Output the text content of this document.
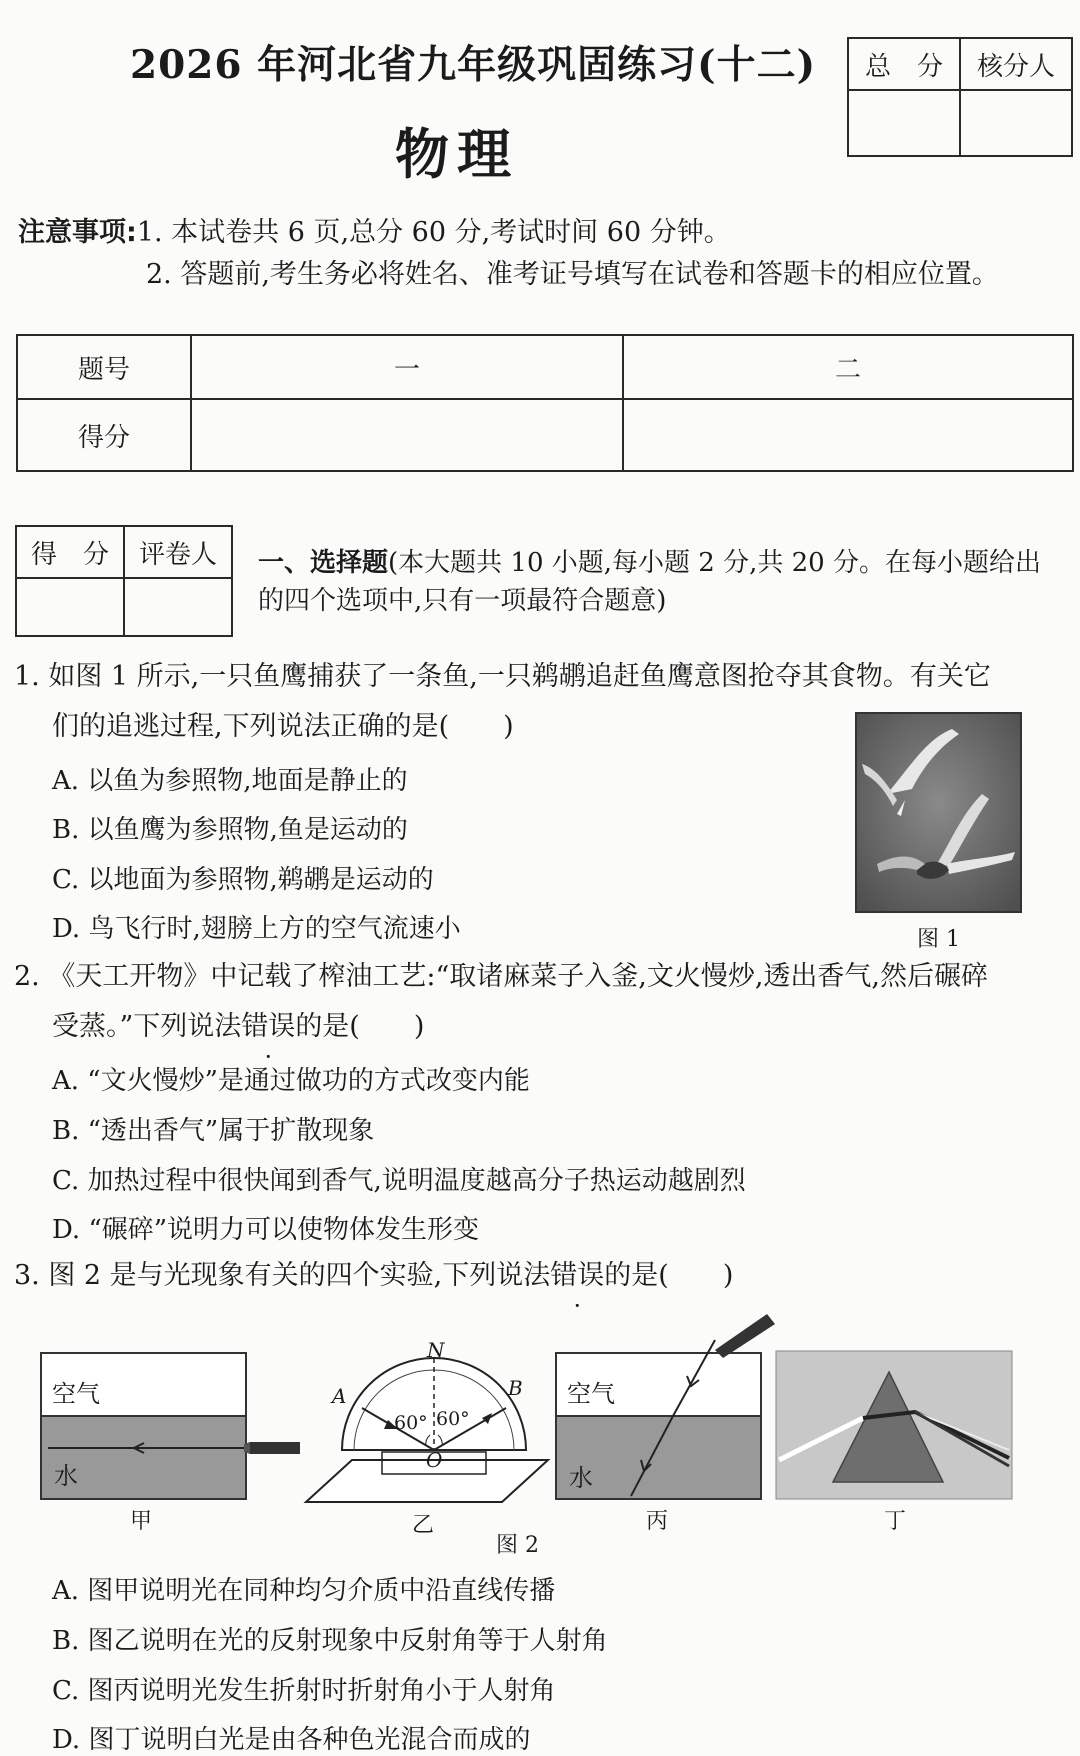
2026 年河北省九年级巩固练习(十二)
物理
总　分	核分人

注意事项:1. 本试卷共 6 页,总分 60 分,考试时间 60 分钟。
2. 答题前,考生务必将姓名、准考证号填写在试卷和答题卡的相应位置。
题号	一	二
得分		
得　分	评卷人
	一、选择题(本大题共 10 小题,每小题 2 分,共 20 分。在每小题给出的四个选项中,只有一项最符合题意)
1. 如图 1 所示,一只鱼鹰捕获了一条鱼,一只鹈鹕追赶鱼鹰意图抢夺其食物。有关它
们的追逃过程,下列说法正确的是(　　)
A. 以鱼为参照物,地面是静止的
B. 以鱼鹰为参照物,鱼是运动的
C. 以地面为参照物,鹈鹕是运动的
D. 鸟飞行时,翅膀上方的空气流速小	图 1
2. 《天工开物》中记载了榨油工艺:“取诸麻菜子入釜,文火慢炒,透出香气,然后碾碎
受蒸。”下列说法错误的是(　　)
A. “文火慢炒”是通过做功的方式改变内能
B. “透出香气”属于扩散现象
C. 加热过程中很快闻到香气,说明温度越高分子热运动越剧烈
D. “碾碎”说明力可以使物体发生形变
3. 图 2 是与光现象有关的四个实验,下列说法错误的是(　　)
空气
水
甲
N
A	B
O
60° 60°
乙
空气
水
丙	丁
图 2
A. 图甲说明光在同种均匀介质中沿直线传播
B. 图乙说明在光的反射现象中反射角等于人射角
C. 图丙说明光发生折射时折射角小于人射角
D. 图丁说明白光是由各种色光混合而成的
